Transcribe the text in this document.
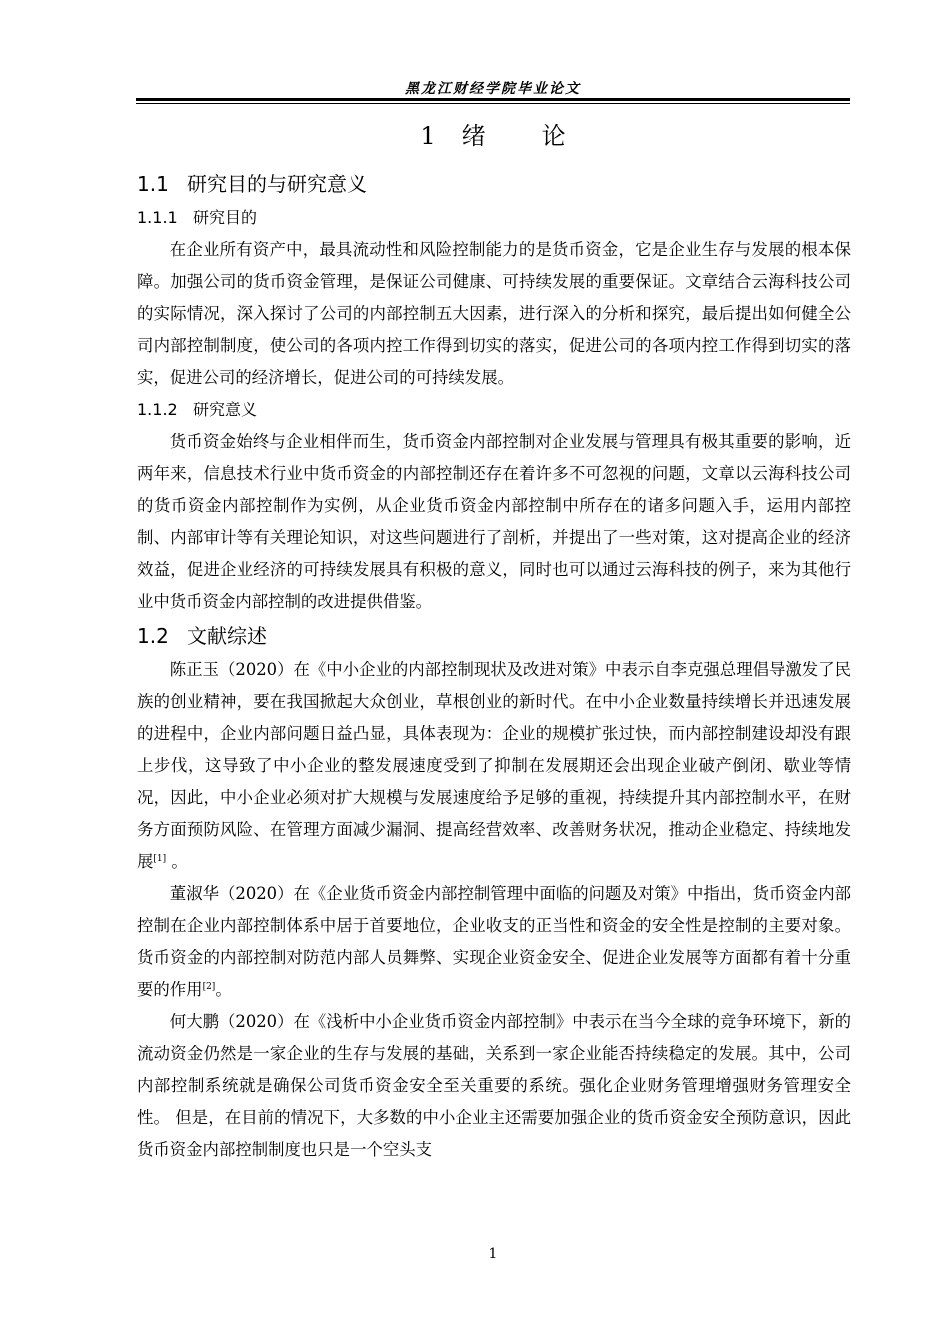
黑龙江财经学院毕业论文
1 绪 论
1.1 研究目的与研究意义
1.1.1 研究目的

在企业所有资产中，最具流动性和风险控制能力的是货币资金，它是企业生存与发展的根本保障。加强公司的货币资金管理，是保证公司健康、可持续发展的重要保证。文章结合云海科技公司的实际情况，深入探讨了公司的内部控制五大因素，进行深入的分析和探究，最后提出如何健全公司内部控制制度，使公司的各项内控工作得到切实的落实，促进公司的各项内控工作得到切实的落实，促进公司的经济增长，促进公司的可持续发展。

1.1.2 研究意义

货币资金始终与企业相伴而生，货币资金内部控制对企业发展与管理具有极其重要的影响，近两年来，信息技术行业中货币资金的内部控制还存在着许多不可忽视的问题，文章以云海科技公司的货币资金内部控制作为实例，从企业货币资金内部控制中所存在的诸多问题入手，运用内部控制、内部审计等有关理论知识，对这些问题进行了剖析，并提出了一些对策，这对提高企业的经济效益，促进企业经济的可持续发展具有积极的意义，同时也可以通过云海科技的例子，来为其他行业中货币资金内部控制的改进提供借鉴。

1.2 文献综述

陈正玉（2020）在《中小企业的内部控制现状及改进对策》中表示自李克强总理倡导激发了民族的创业精神，要在我国掀起大众创业，草根创业的新时代。在中小企业数量持续增长并迅速发展的进程中，企业内部问题日益凸显，具体表现为：企业的规模扩张过快，而内部控制建设却没有跟上步伐，这导致了中小企业的整发展速度受到了抑制在发展期还会出现企业破产倒闭、歇业等情况，因此，中小企业必须对扩大规模与发展速度给予足够的重视，持续提升其内部控制水平，在财务方面预防风险、在管理方面减少漏洞、提高经营效率、改善财务状况，推动企业稳定、持续地发展[1] 。

董淑华（2020）在《企业货币资金内部控制管理中面临的问题及对策》中指出，货币资金内部控制在企业内部控制体系中居于首要地位，企业收支的正当性和资金的安全性是控制的主要对象。货币资金的内部控制对防范内部人员舞弊、实现企业资金安全、促进企业发展等方面都有着十分重要的作用[2]。

何大鹏（2020）在《浅析中小企业货币资金内部控制》中表示在当今全球的竞争环境下，新的流动资金仍然是一家企业的生存与发展的基础，关系到一家企业能否持续稳定的发展。其中，公司内部控制系统就是确保公司货币资金安全至关重要的系统。强化企业财务管理增强财务管理安全性。 但是，在目前的情况下，大多数的中小企业主还需要加强企业的货币资金安全预防意识，因此货币资金内部控制制度也只是一个空头支

1
